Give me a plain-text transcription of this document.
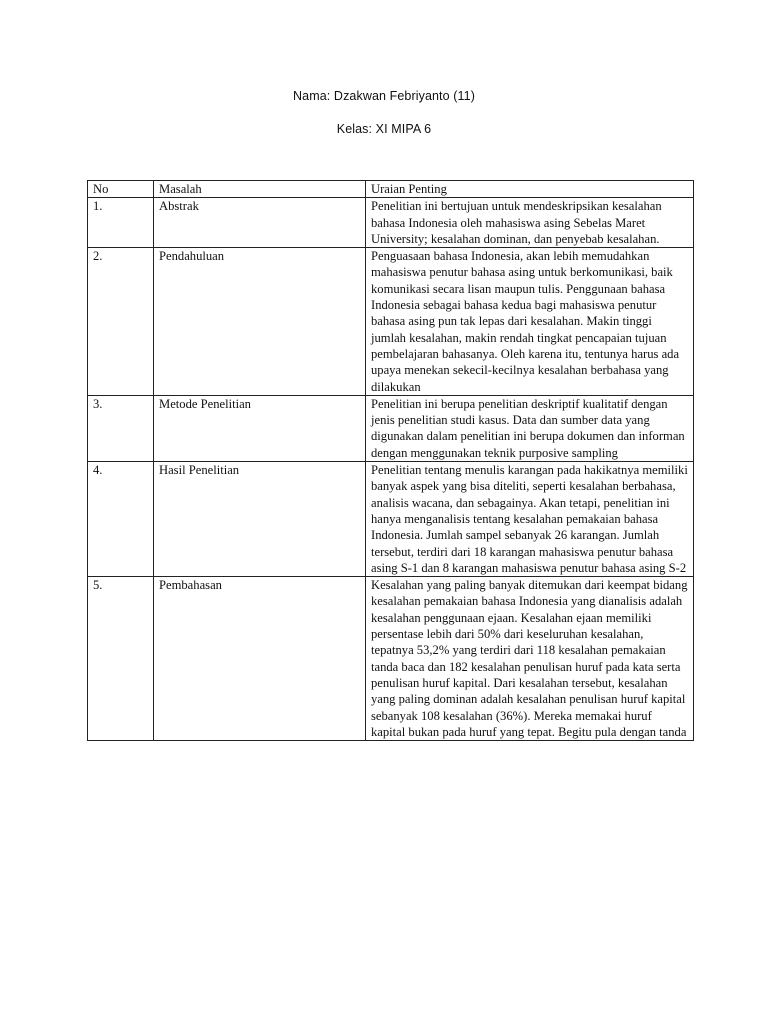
Nama: Dzakwan Febriyanto (11)
Kelas: XI MIPA 6
No	Masalah	Uraian Penting
1.	Abstrak	Penelitian ini bertujuan untuk mendeskripsikan kesalahan bahasa Indonesia oleh mahasiswa asing Sebelas Maret University; kesalahan dominan, dan penyebab kesalahan.
2.	Pendahuluan	Penguasaan bahasa Indonesia, akan lebih memudahkan mahasiswa penutur bahasa asing untuk berkomunikasi, baik komunikasi secara lisan maupun tulis. Penggunaan bahasa Indonesia sebagai bahasa kedua bagi mahasiswa penutur bahasa asing pun tak lepas dari kesalahan. Makin tinggi jumlah kesalahan, makin rendah tingkat pencapaian tujuan pembelajaran bahasanya. Oleh karena itu, tentunya harus ada upaya menekan sekecil-kecilnya kesalahan berbahasa yang dilakukan
3.	Metode Penelitian	Penelitian ini berupa penelitian deskriptif kualitatif dengan jenis penelitian studi kasus. Data dan sumber data yang digunakan dalam penelitian ini berupa dokumen dan informan dengan menggunakan teknik purposive sampling
4.	Hasil Penelitian	Penelitian tentang menulis karangan pada hakikatnya memiliki banyak aspek yang bisa diteliti, seperti kesalahan berbahasa, analisis wacana, dan sebagainya. Akan tetapi, penelitian ini hanya menganalisis tentang kesalahan pemakaian bahasa Indonesia. Jumlah sampel sebanyak 26 karangan. Jumlah tersebut, terdiri dari 18 karangan mahasiswa penutur bahasa asing S-1 dan 8 karangan mahasiswa penutur bahasa asing S-2
5.	Pembahasan	Kesalahan yang paling banyak ditemukan dari keempat bidang kesalahan pemakaian bahasa Indonesia yang dianalisis adalah kesalahan penggunaan ejaan. Kesalahan ejaan memiliki persentase lebih dari 50% dari keseluruhan kesalahan, tepatnya 53,2% yang terdiri dari 118 kesalahan pemakaian tanda baca dan 182 kesalahan penulisan huruf pada kata serta penulisan huruf kapital. Dari kesalahan tersebut, kesalahan yang paling dominan adalah kesalahan penulisan huruf kapital sebanyak 108 kesalahan (36%). Mereka memakai huruf kapital bukan pada huruf yang tepat. Begitu pula dengan tanda
